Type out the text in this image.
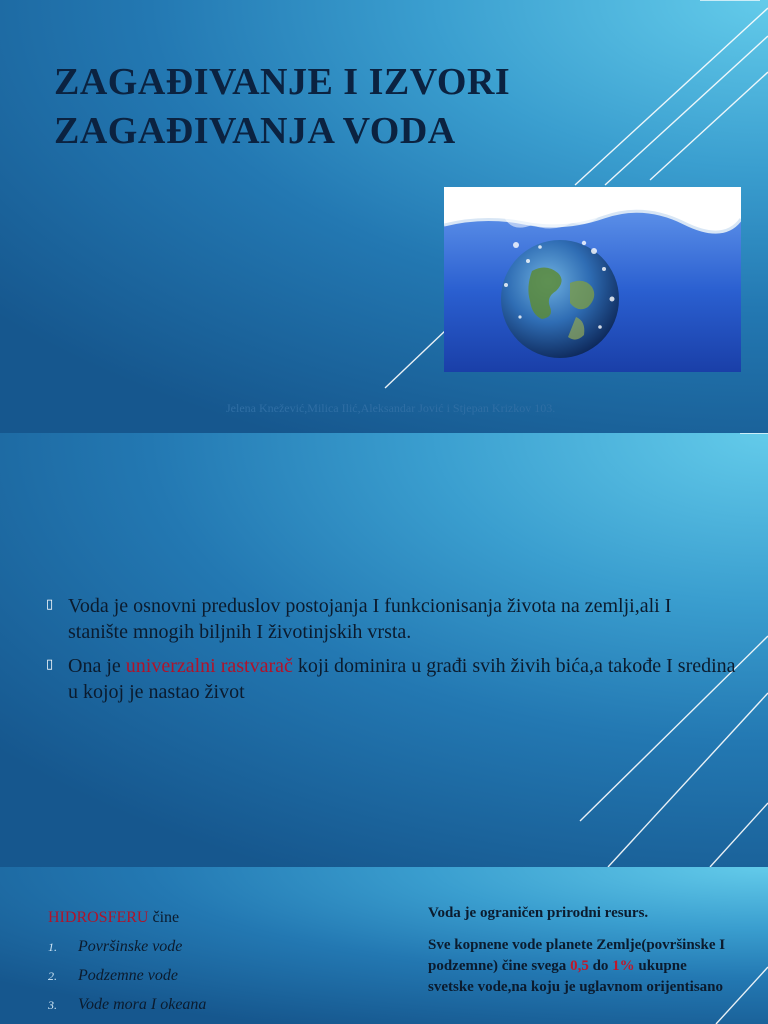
ZAGAĐIVANJE I IZVORI
ZAGAĐIVANJA VODA
Jelena Knežević,Milica Ilić,Aleksandar Jović i Stjepan Krizkov 103.
▯ Voda je osnovni preduslov postojanja I funkcionisanja života na zemlji,ali I stanište mnogih biljnih I životinjskih vrsta.
▯ Ona je univerzalni rastvarač koji dominira u građi svih živih bića,a takođe I sredina u kojoj je nastao život
HIDROSFERU čine
1. Površinske vode
2. Podzemne vode
3. Vode mora I okeana

Voda je ograničen prirodni resurs.

Sve kopnene vode planete Zemlje(površinske I podzemne) čine svega 0,5 do 1% ukupne svetske vode,na koju je uglavnom orijentisano
